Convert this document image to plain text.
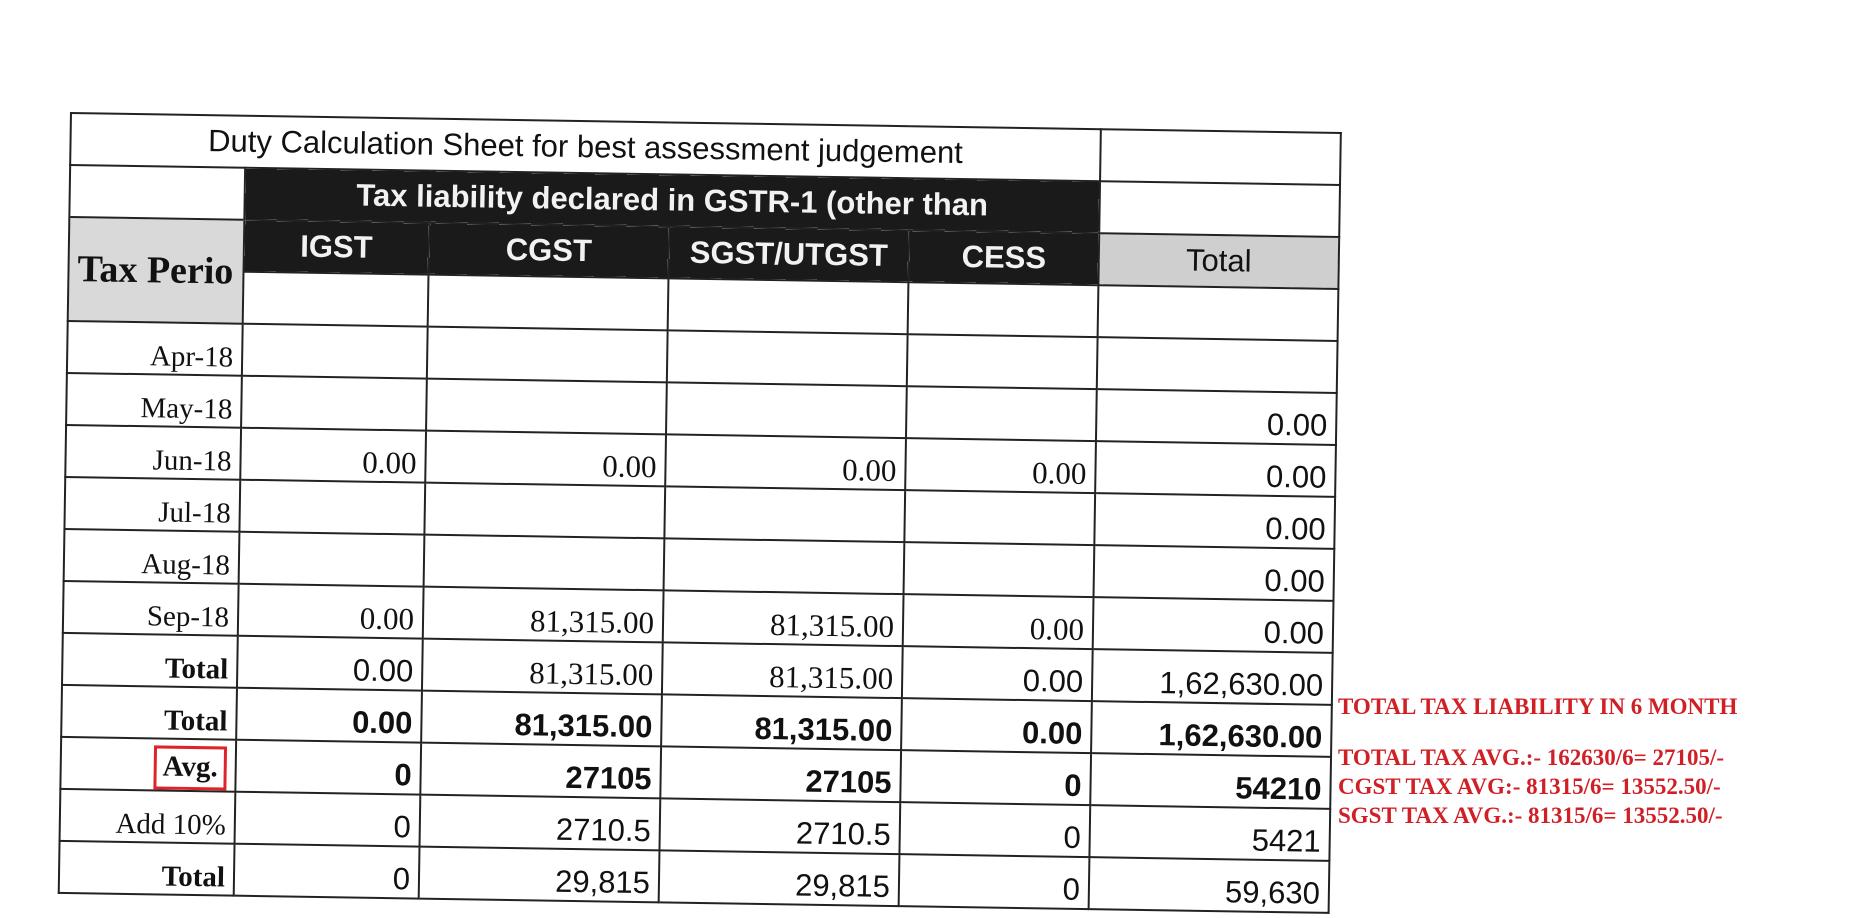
Duty Calculation Sheet for best assessment judgement					
	Tax liability declared in GSTR-1 (other than				
Tax Perio	IGST	CGST	SGST/UTGST	CESS	Total

Apr-18					
May-18					0.00
Jun-18	0.00	0.00	0.00	0.00	0.00
Jul-18					0.00
Aug-18					0.00
Sep-18	0.00	81,315.00	81,315.00	0.00	0.00
Total	0.00	81,315.00	81,315.00	0.00	1,62,630.00
Total	0.00	81,315.00	81,315.00	0.00	1,62,630.00
Avg.	0	27105	27105	0	54210
Add 10%	0	2710.5	2710.5	0	5421
Total	0	29,815	29,815	0	59,630
TOTAL TAX LIABILITY IN 6 MONTH
TOTAL TAX AVG.:- 162630/6= 27105/-
CGST TAX AVG:- 81315/6= 13552.50/-
SGST TAX AVG.:- 81315/6= 13552.50/-
